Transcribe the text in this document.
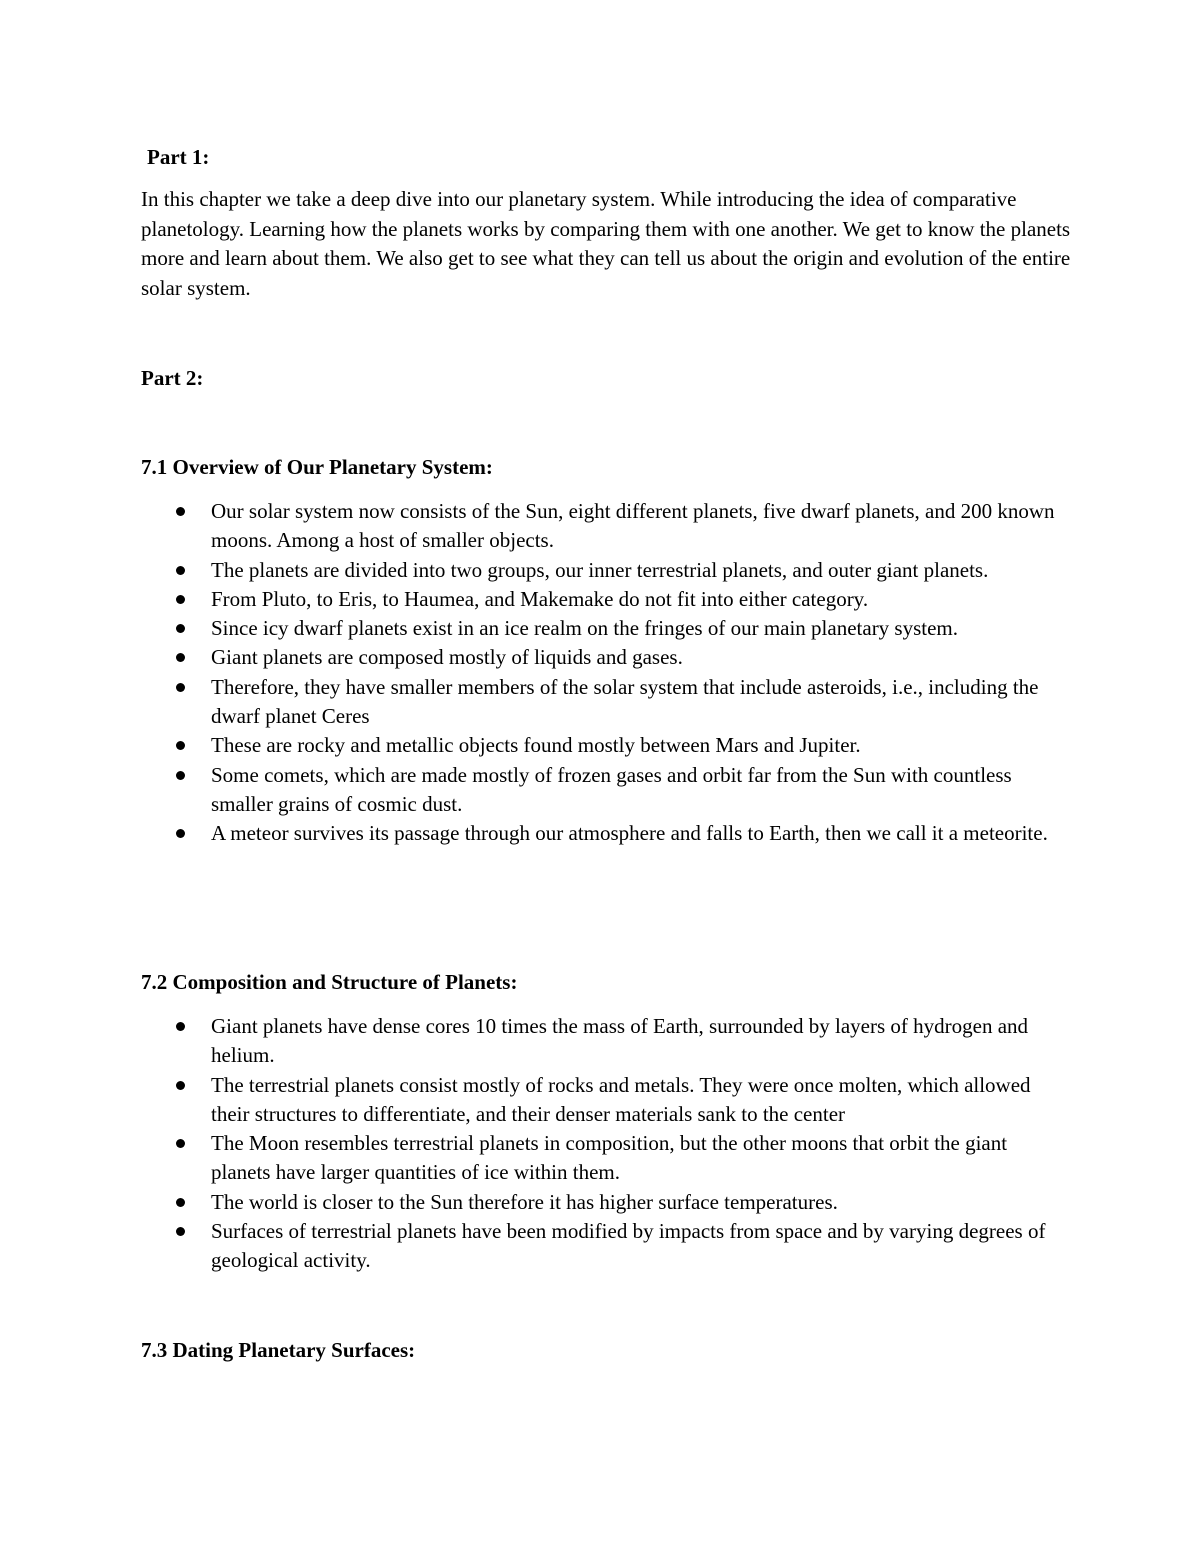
Part 1:

In this chapter we take a deep dive into our planetary system. While introducing the idea of comparative planetology. Learning how the planets works by comparing them with one another. We get to know the planets more and learn about them. We also get to see what they can tell us about the origin and evolution of the entire solar system.

Part 2:
7.1 Overview of Our Planetary System:
Our solar system now consists of the Sun, eight different planets, five dwarf planets, and 200 known moons. Among a host of smaller objects.
The planets are divided into two groups, our inner terrestrial planets, and outer giant planets.
From Pluto, to Eris, to Haumea, and Makemake do not fit into either category.
Since icy dwarf planets exist in an ice realm on the fringes of our main planetary system.
Giant planets are composed mostly of liquids and gases.
Therefore, they have smaller members of the solar system that include asteroids, i.e., including the dwarf planet Ceres
These are rocky and metallic objects found mostly between Mars and Jupiter.
Some comets, which are made mostly of frozen gases and orbit far from the Sun with countless smaller grains of cosmic dust.
A meteor survives its passage through our atmosphere and falls to Earth, then we call it a meteorite.
7.2 Composition and Structure of Planets:
Giant planets have dense cores 10 times the mass of Earth, surrounded by layers of hydrogen and helium.
The terrestrial planets consist mostly of rocks and metals. They were once molten, which allowed their structures to differentiate, and their denser materials sank to the center
The Moon resembles terrestrial planets in composition, but the other moons that orbit the giant planets have larger quantities of ice within them.
The world is closer to the Sun therefore it has higher surface temperatures.
Surfaces of terrestrial planets have been modified by impacts from space and by varying degrees of geological activity.
7.3 Dating Planetary Surfaces:
